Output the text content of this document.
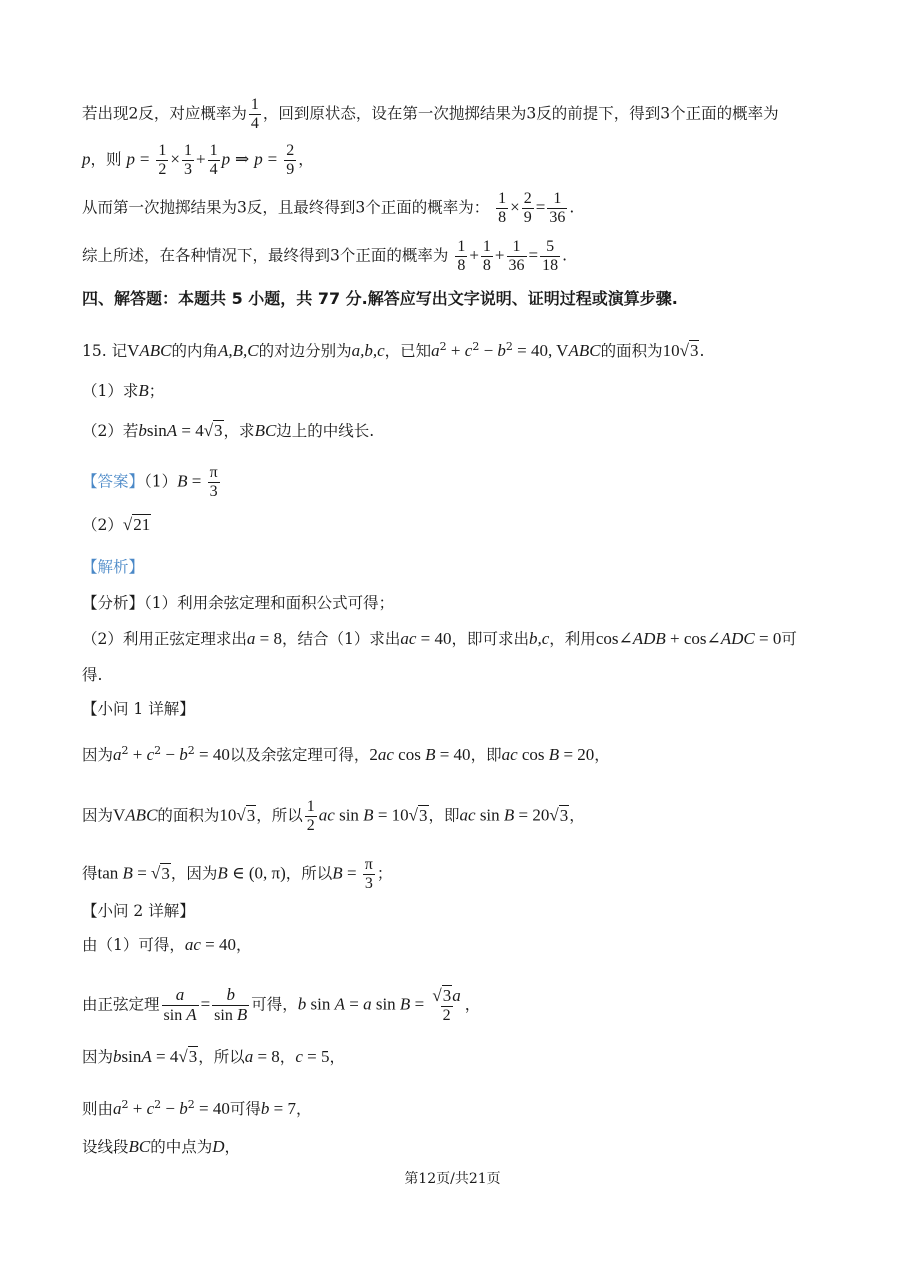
若出现2反，对应概率为 $\frac{1}{4}$ ，回到原状态，设在第一次抛掷结果为3反的前提下，得到3个正面的概率为
p，则 $p = \frac{1}{2} \times \frac{1}{3} + \frac{1}{4}$ p ⇒ $p = \frac{2}{9}$ ，
从而第一次抛掷结果为3反，且最终得到3个正面的概率为： $\frac{1}{8} \times \frac{2}{9} = \frac{1}{36}$ .
综上所述，在各种情况下，最终得到3个正面的概率为 $\frac{1}{8} + \frac{1}{8} + \frac{1}{36} = \frac{5}{18}$ .
四、解答题：本题共 5 小题，共 77 分.解答应写出文字说明、证明过程或演算步骤.
15. 记VABC的内角A,B,C的对边分别为a,b,c，已知$a^2 + c^2 - b^2 = 40$, VABC的面积为10√3.
（1）求B；
（2）若bsinA = 4√3，求BC边上的中线长.
【答案】$(1)B = \frac{\pi}{3}$
（2）√21
【解析】
【分析】（1）利用余弦定理和面积公式可得；
（2）利用正弦定理求出a = 8，结合（1）求出ac = 40，即可求出b,c，利用cos∠ADB + cos∠ADC = 0可
得.
【小问 1 详解】
因为$a^2 + c^2 - b^2 = 40$以及余弦定理可得，2ac cos B = 40，即ac cos B = 20，
因为VABC的面积为10√3，所以 $\frac{1}{2}$ ac sin B = 10√3，即ac sin B = 20√3，
得tan B = √3，因为B ∈ (0, π)，所以$B = \frac{\pi}{3}$ ；
【小问 2 详解】
由（1）可得，ac = 40，
由正弦定理 $\frac{a}{\text{sin A}} = \frac{b}{\text{sin B}}$ 可得，b sin A = a $\sin B = \frac{√3a}{2}$ ，
因为bsinA = 4√3，所以a = 8，c = 5，
则由$a^2 + c^2 - b^2 = 40$可得b = 7，
设线段BC的中点为D，
第12页/共21页
